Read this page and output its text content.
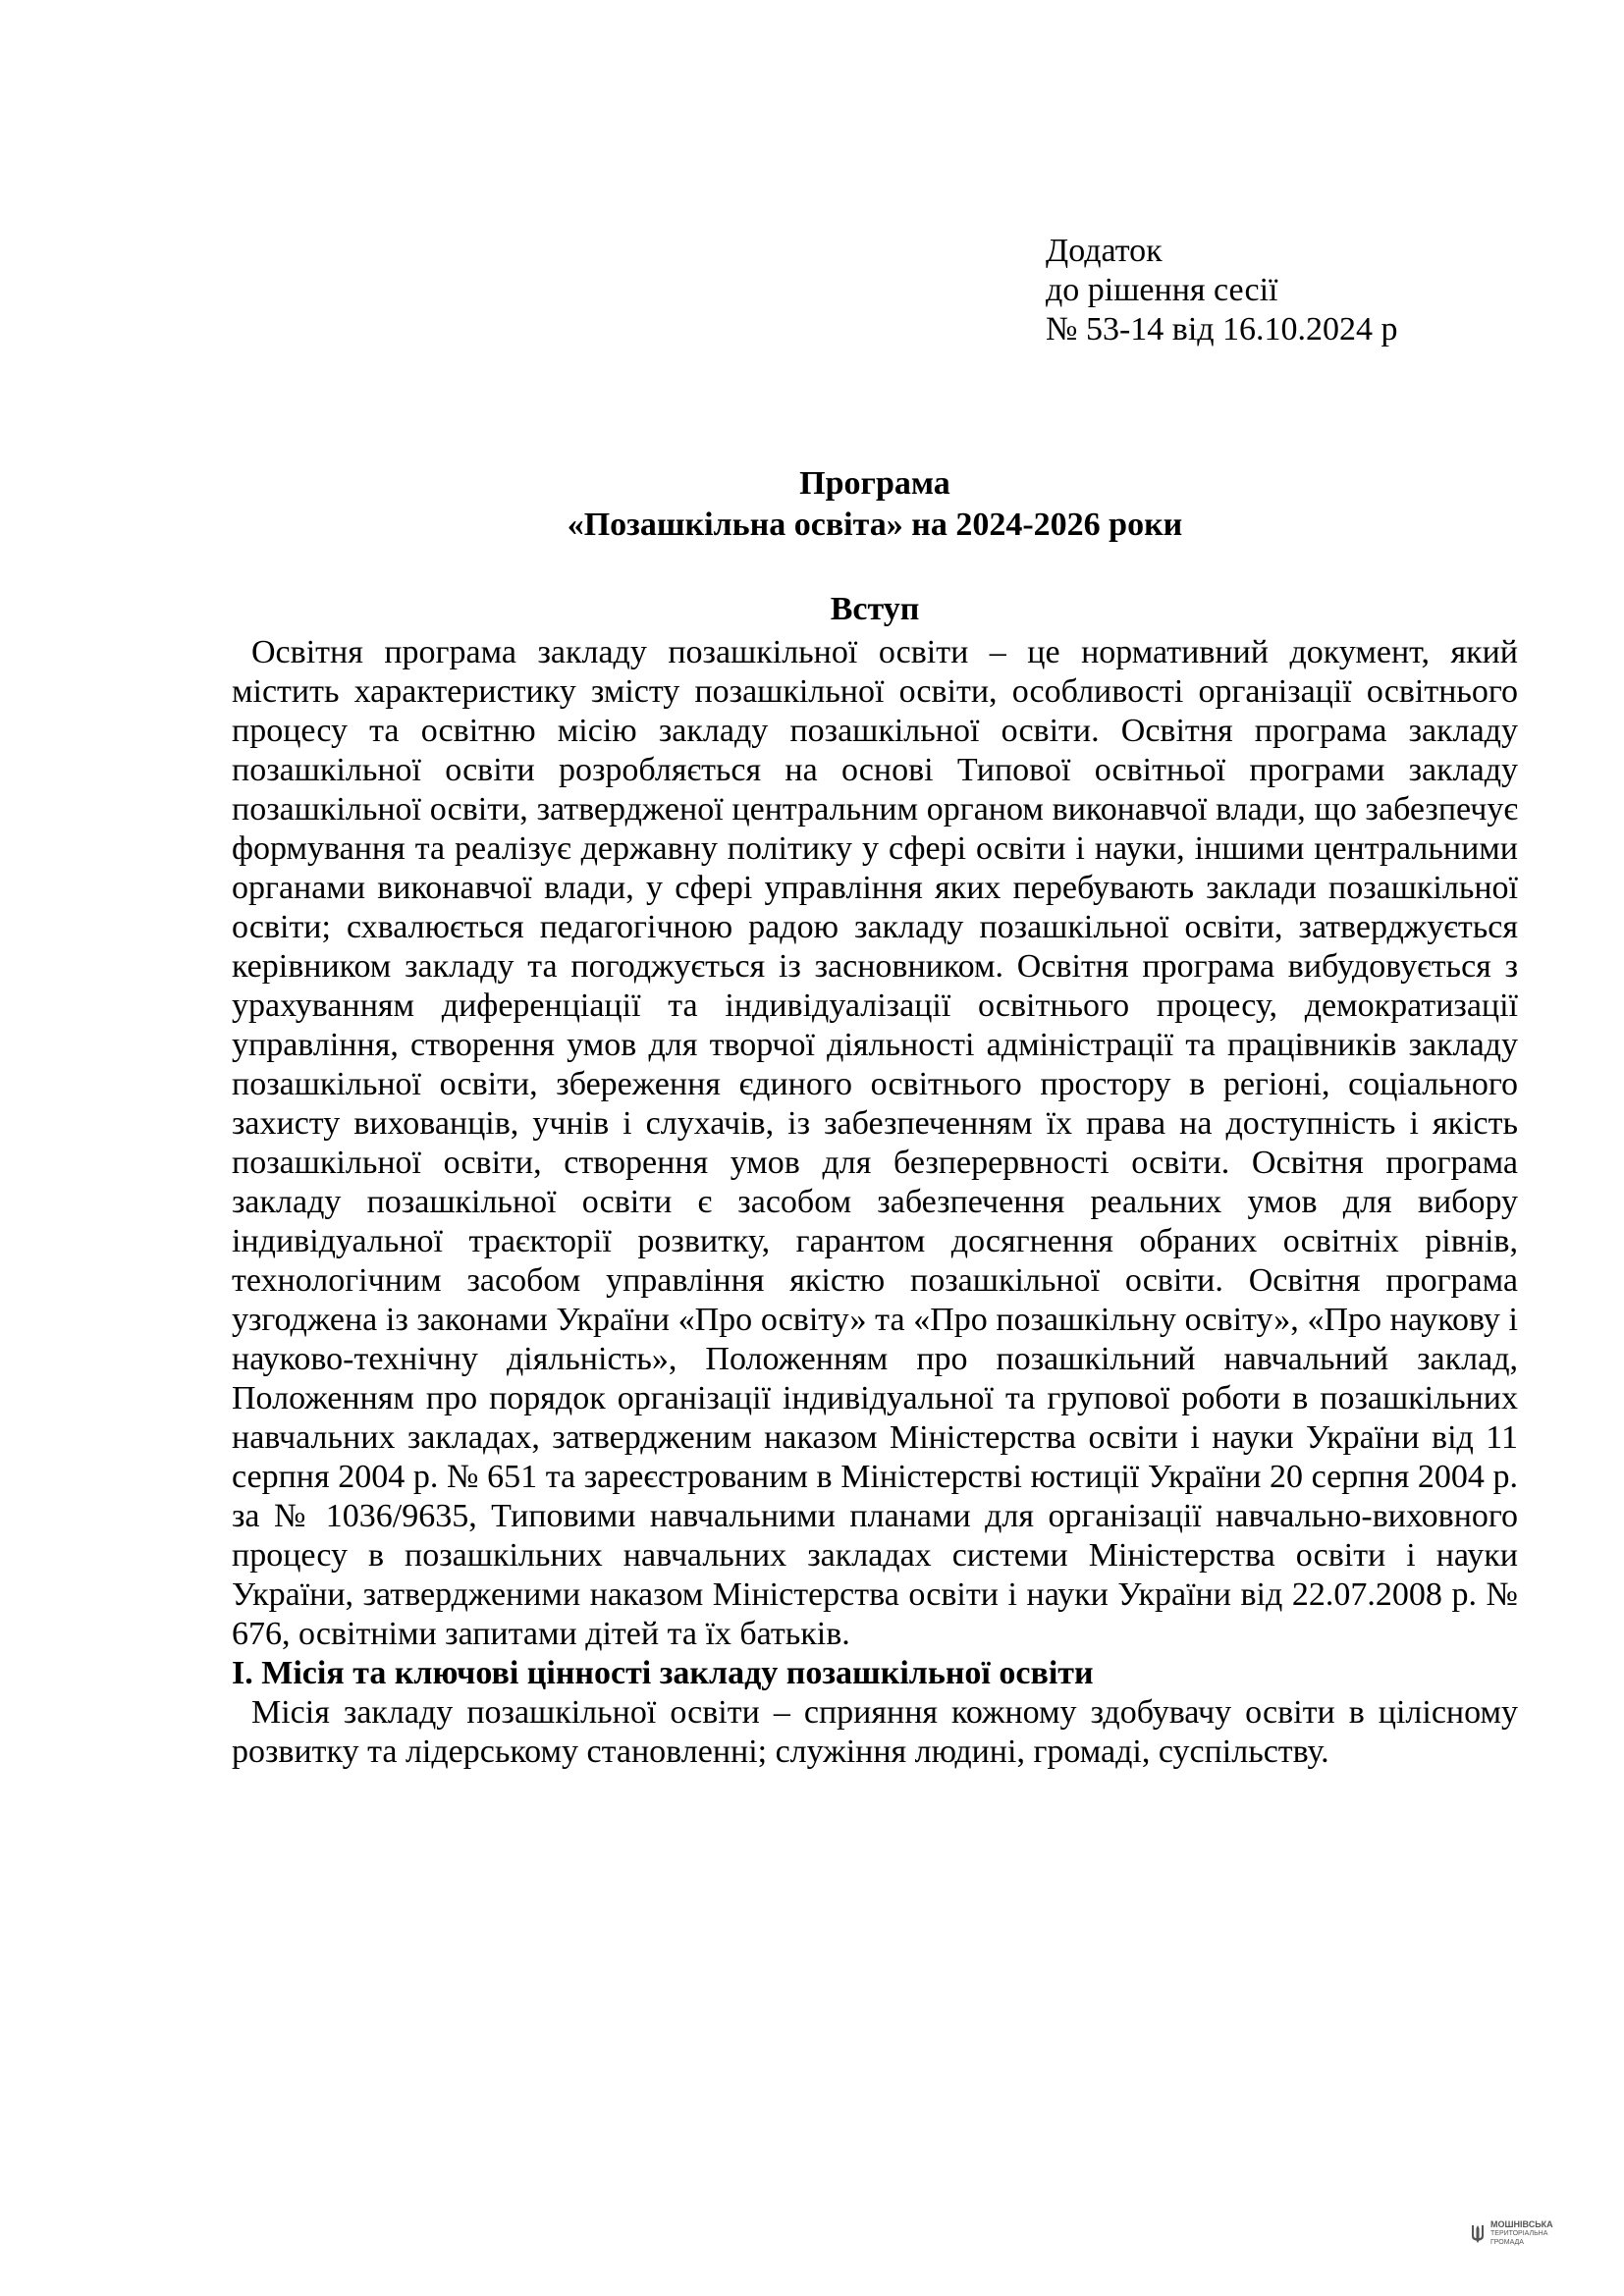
Додаток
до рішення сесії
№ 53-14 від 16.10.2024 р
Програма
«Позашкільна освіта» на 2024-2026 роки
Вступ

Освітня програма закладу позашкільної освіти – це нормативний документ, який містить характеристику змісту позашкільної освіти, особливості організації освітнього процесу та освітню місію закладу позашкільної освіти. Освітня програма закладу позашкільної освіти розробляється на основі Типової освітньої програми закладу позашкільної освіти, затвердженої центральним органом виконавчої влади, що забезпечує формування та реалізує державну політику у сфері освіти і науки, іншими центральними органами виконавчої влади, у сфері управління яких перебувають заклади позашкільної освіти; схвалюється педагогічною радою закладу позашкільної освіти, затверджується керівником закладу та погоджується із засновником. Освітня програма вибудовується з урахуванням диференціації та індивідуалізації освітнього процесу, демократизації управління, створення умов для творчої діяльності адміністрації та працівників закладу позашкільної освіти, збереження єдиного освітнього простору в регіоні, соціального захисту вихованців, учнів і слухачів, із забезпеченням їх права на доступність і якість позашкільної освіти, створення умов для безперервності освіти. Освітня програма закладу позашкільної освіти є засобом забезпечення реальних умов для вибору індивідуальної траєкторії розвитку, гарантом досягнення обраних освітніх рівнів, технологічним засобом управління якістю позашкільної освіти. Освітня програма узгоджена із законами України «Про освіту» та «Про позашкільну освіту», «Про наукову і науково-технічну діяльність», Положенням про позашкільний навчальний заклад, Положенням про порядок організації індивідуальної та групової роботи в позашкільних навчальних закладах, затвердженим наказом Міністерства освіти і науки України від 11 серпня 2004 р. № 651 та зареєстрованим в Міністерстві юстиції України 20 серпня 2004 р. за № 1036/9635, Типовими навчальними планами для організації навчально-виховного процесу в позашкільних навчальних закладах системи Міністерства освіти і науки України, затвердженими наказом Міністерства освіти і науки України від 22.07.2008 р. № 676, освітніми запитами дітей та їх батьків.

I. Місія та ключові цінності закладу позашкільної освіти

Місія закладу позашкільної освіти – сприяння кожному здобувачу освіти в цілісному розвитку та лідерському становленні; служіння людині, громаді, суспільству.

МОШНІВСЬКА
ТЕРИТОРІАЛЬНА
ГРОМАДА
